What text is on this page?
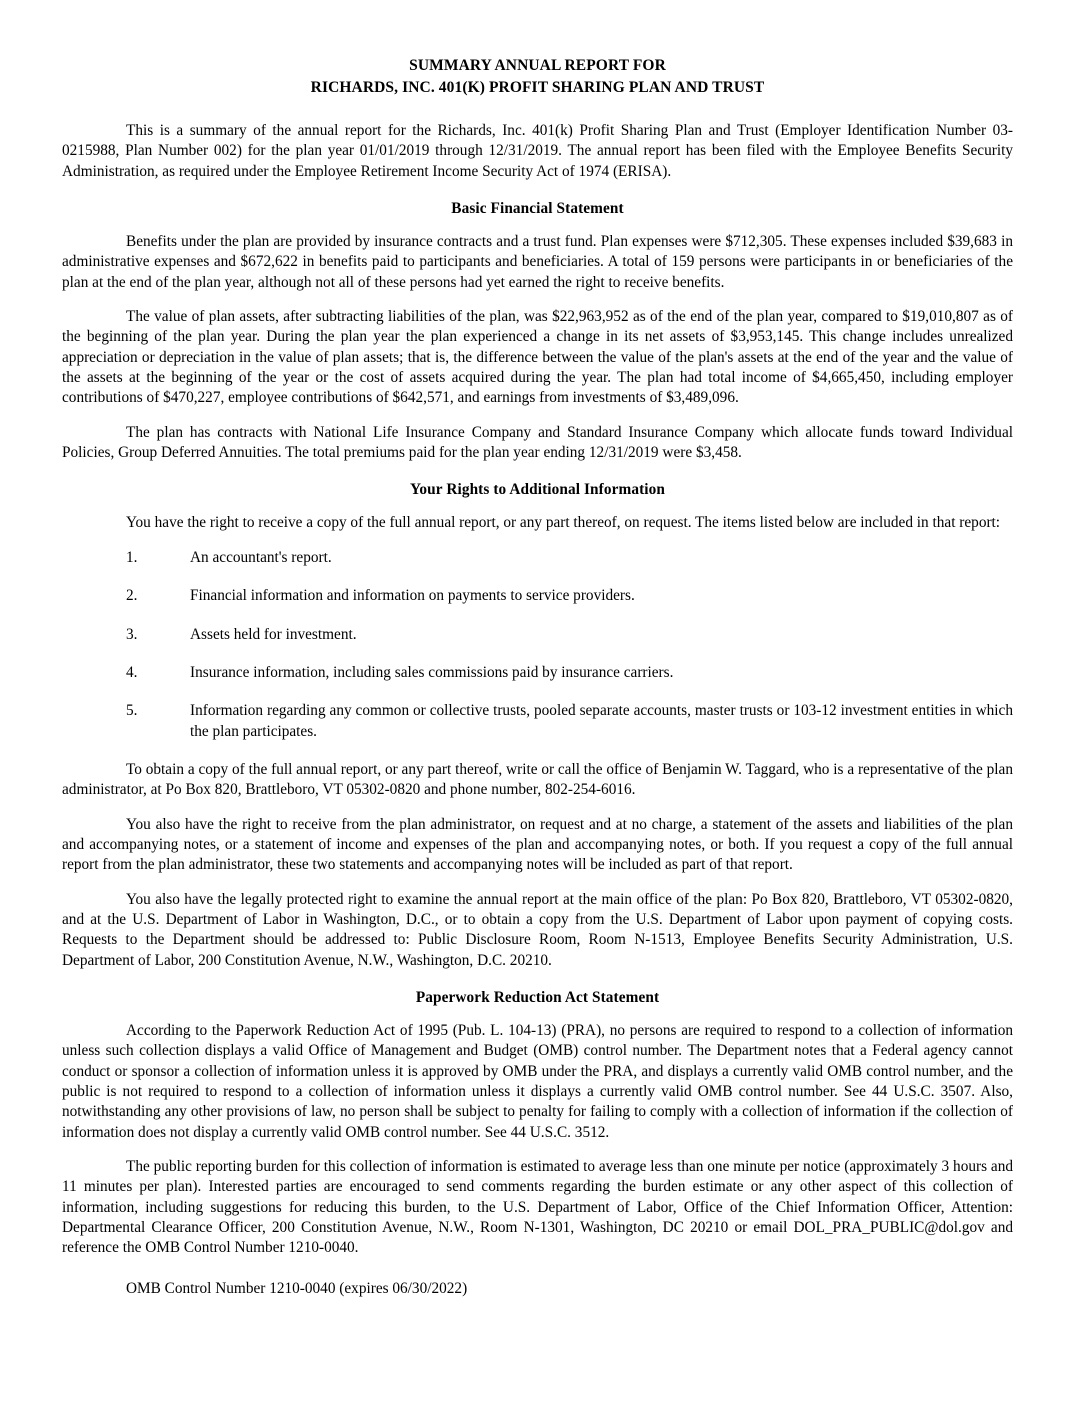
SUMMARY ANNUAL REPORT FOR
RICHARDS, INC. 401(K) PROFIT SHARING PLAN AND TRUST

This is a summary of the annual report for the Richards, Inc. 401(k) Profit Sharing Plan and Trust (Employer Identification Number 03-0215988, Plan Number 002) for the plan year 01/01/2019 through 12/31/2019. The annual report has been filed with the Employee Benefits Security Administration, as required under the Employee Retirement Income Security Act of 1974 (ERISA).

Basic Financial Statement

Benefits under the plan are provided by insurance contracts and a trust fund. Plan expenses were $712,305. These expenses included $39,683 in administrative expenses and $672,622 in benefits paid to participants and beneficiaries. A total of 159 persons were participants in or beneficiaries of the plan at the end of the plan year, although not all of these persons had yet earned the right to receive benefits.

The value of plan assets, after subtracting liabilities of the plan, was $22,963,952 as of the end of the plan year, compared to $19,010,807 as of the beginning of the plan year. During the plan year the plan experienced a change in its net assets of $3,953,145. This change includes unrealized appreciation or depreciation in the value of plan assets; that is, the difference between the value of the plan's assets at the end of the year and the value of the assets at the beginning of the year or the cost of assets acquired during the year. The plan had total income of $4,665,450, including employer contributions of $470,227, employee contributions of $642,571, and earnings from investments of $3,489,096.

The plan has contracts with National Life Insurance Company and Standard Insurance Company which allocate funds toward Individual Policies, Group Deferred Annuities. The total premiums paid for the plan year ending 12/31/2019 were $3,458.

Your Rights to Additional Information

You have the right to receive a copy of the full annual report, or any part thereof, on request. The items listed below are included in that report:

1.	An accountant's report.
2.	Financial information and information on payments to service providers.
3.	Assets held for investment.
4.	Insurance information, including sales commissions paid by insurance carriers.
5.	Information regarding any common or collective trusts, pooled separate accounts, master trusts or 103-12 investment entities in which the plan participates.

To obtain a copy of the full annual report, or any part thereof, write or call the office of Benjamin W. Taggard, who is a representative of the plan administrator, at Po Box 820, Brattleboro, VT 05302-0820 and phone number, 802-254-6016.

You also have the right to receive from the plan administrator, on request and at no charge, a statement of the assets and liabilities of the plan and accompanying notes, or a statement of income and expenses of the plan and accompanying notes, or both. If you request a copy of the full annual report from the plan administrator, these two statements and accompanying notes will be included as part of that report.

You also have the legally protected right to examine the annual report at the main office of the plan: Po Box 820, Brattleboro, VT 05302-0820, and at the U.S. Department of Labor in Washington, D.C., or to obtain a copy from the U.S. Department of Labor upon payment of copying costs. Requests to the Department should be addressed to: Public Disclosure Room, Room N-1513, Employee Benefits Security Administration, U.S. Department of Labor, 200 Constitution Avenue, N.W., Washington, D.C. 20210.

Paperwork Reduction Act Statement

According to the Paperwork Reduction Act of 1995 (Pub. L. 104-13) (PRA), no persons are required to respond to a collection of information unless such collection displays a valid Office of Management and Budget (OMB) control number. The Department notes that a Federal agency cannot conduct or sponsor a collection of information unless it is approved by OMB under the PRA, and displays a currently valid OMB control number, and the public is not required to respond to a collection of information unless it displays a currently valid OMB control number. See 44 U.S.C. 3507. Also, notwithstanding any other provisions of law, no person shall be subject to penalty for failing to comply with a collection of information if the collection of information does not display a currently valid OMB control number. See 44 U.S.C. 3512.

The public reporting burden for this collection of information is estimated to average less than one minute per notice (approximately 3 hours and 11 minutes per plan). Interested parties are encouraged to send comments regarding the burden estimate or any other aspect of this collection of information, including suggestions for reducing this burden, to the U.S. Department of Labor, Office of the Chief Information Officer, Attention: Departmental Clearance Officer, 200 Constitution Avenue, N.W., Room N-1301, Washington, DC 20210 or email DOL_PRA_PUBLIC@dol.gov and reference the OMB Control Number 1210-0040.

OMB Control Number 1210-0040 (expires 06/30/2022)
